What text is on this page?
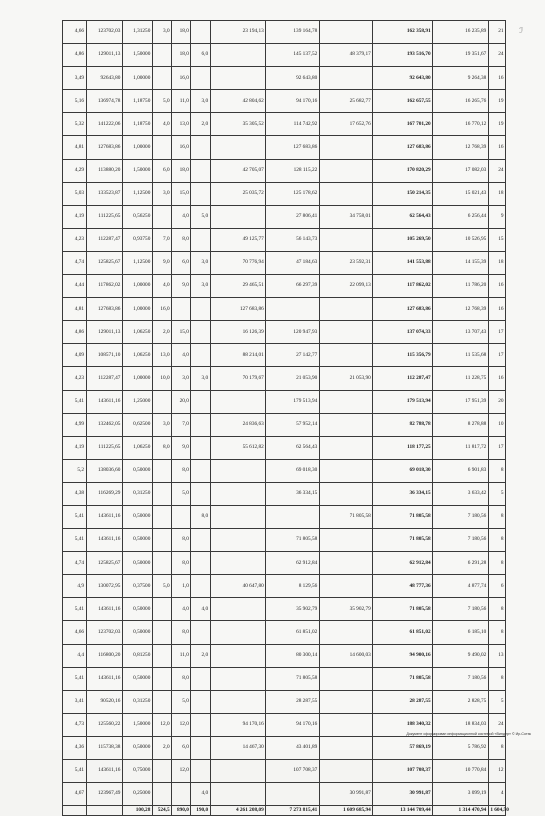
ℐ
4,66	123702,03	1,31250	3,0	18,0		23 194,13	139 164,78		162 358,91	16 235,89	21
4,86	129011,13	1,50000		18,0	6,0		145 137,52	48 379,17	193 516,70	19 351,67	24
3,49	92643,80	1,00000		16,0			92 643,80		92 643,80	9 264,38	16
5,16	136974,78	1,18750	5,0	11,0	3,0	42 804,62	94 170,16	25 682,77	162 657,55	16 265,76	19
5,32	141222,06	1,18750	4,0	13,0	2,0	35 305,52	114 742,92	17 652,76	167 701,20	16 770,12	19
4,81	127683,86	1,00000		16,0			127 683,86		127 683,86	12 768,39	16
4,29	113880,20	1,50000	6,0	18,0		42 705,07	128 115,22		170 820,29	17 082,03	24
5,03	133523,87	1,12500	3,0	15,0		25 035,72	125 178,62		150 214,35	15 021,43	18
4,19	111225,65	0,56250		4,0	5,0		27 806,41	34 758,01	62 564,43	6 256,44	9
4,23	112287,47	0,93750	7,0	8,0		49 125,77	56 143,73		105 269,50	10 526,95	15
4,74	125825,67	1,12500	9,0	6,0	3,0	70 776,94	47 184,63	23 592,31	141 553,88	14 155,39	18
4,44	117862,02	1,00000	4,0	9,0	3,0	29 465,51	66 297,39	22 099,13	117 862,02	11 786,20	16
4,81	127683,86	1,00000	16,0			127 683,86			127 683,86	12 768,39	16
4,86	129011,13	1,06250	2,0	15,0		16 126,39	120 947,93		137 074,33	13 707,43	17
4,09	108571,10	1,06250	13,0	4,0		88 214,01	27 142,77		115 356,79	11 535,68	17
4,23	112287,47	1,00000	10,0	3,0	3,0	70 179,67	21 053,90	21 053,90	112 287,47	11 228,75	16
5,41	143611,16	1,25000		20,0			179 513,94		179 513,94	17 951,39	20
4,99	132462,05	0,62500	3,0	7,0		24 836,63	57 952,14		82 788,78	8 278,88	10
4,19	111225,65	1,06250	8,0	9,0		55 612,82	62 564,43		118 177,25	11 817,72	17
5,2	138036,60	0,50000		8,0			69 018,30		69 018,30	6 901,83	8
4,38	116269,29	0,31250		5,0			36 334,15		36 334,15	3 633,42	5
5,41	143611,16	0,50000			8,0			71 805,58	71 805,58	7 180,56	8
5,41	143611,16	0,50000		8,0			71 805,58		71 805,58	7 180,56	8
4,74	125825,67	0,50000		8,0			62 912,84		62 912,84	6 291,28	8
4,9	130072,95	0,37500	5,0	1,0		40 647,80	8 129,56		48 777,36	4 877,74	6
5,41	143611,16	0,50000		4,0	4,0		35 902,79	35 902,79	71 805,58	7 180,56	8
4,66	123702,03	0,50000		8,0			61 851,02		61 851,02	6 185,10	8
4,4	116800,20	0,81250		11,0	2,0		80 300,14	14 600,03	94 900,16	9 490,02	13
5,41	143611,16	0,50000		8,0			71 805,58		71 805,58	7 180,56	8
3,41	90520,16	0,31250		5,0			28 287,55		28 287,55	2 828,75	5
4,73	125560,22	1,50000	12,0	12,0		94 170,16	94 170,16		188 340,32	18 834,03	24
4,36	115738,38	0,50000	2,0	6,0		14 467,30	43 401,89		57 869,19	5 786,92	8
5,41	143611,16	0,75000		12,0			107 708,37		107 708,37	10 770,84	12
4,67	123967,49	0,25000			4,0			30 991,87	30 991,87	3 099,19	4
		100,28	524,5	890,0	190,0	4 261 208,09	7 273 815,41	1 609 685,94	13 144 709,44	1 314 470,94	1 604,50
Документ сформирован информационной системой «Виндер» © Ир-Сотэк
